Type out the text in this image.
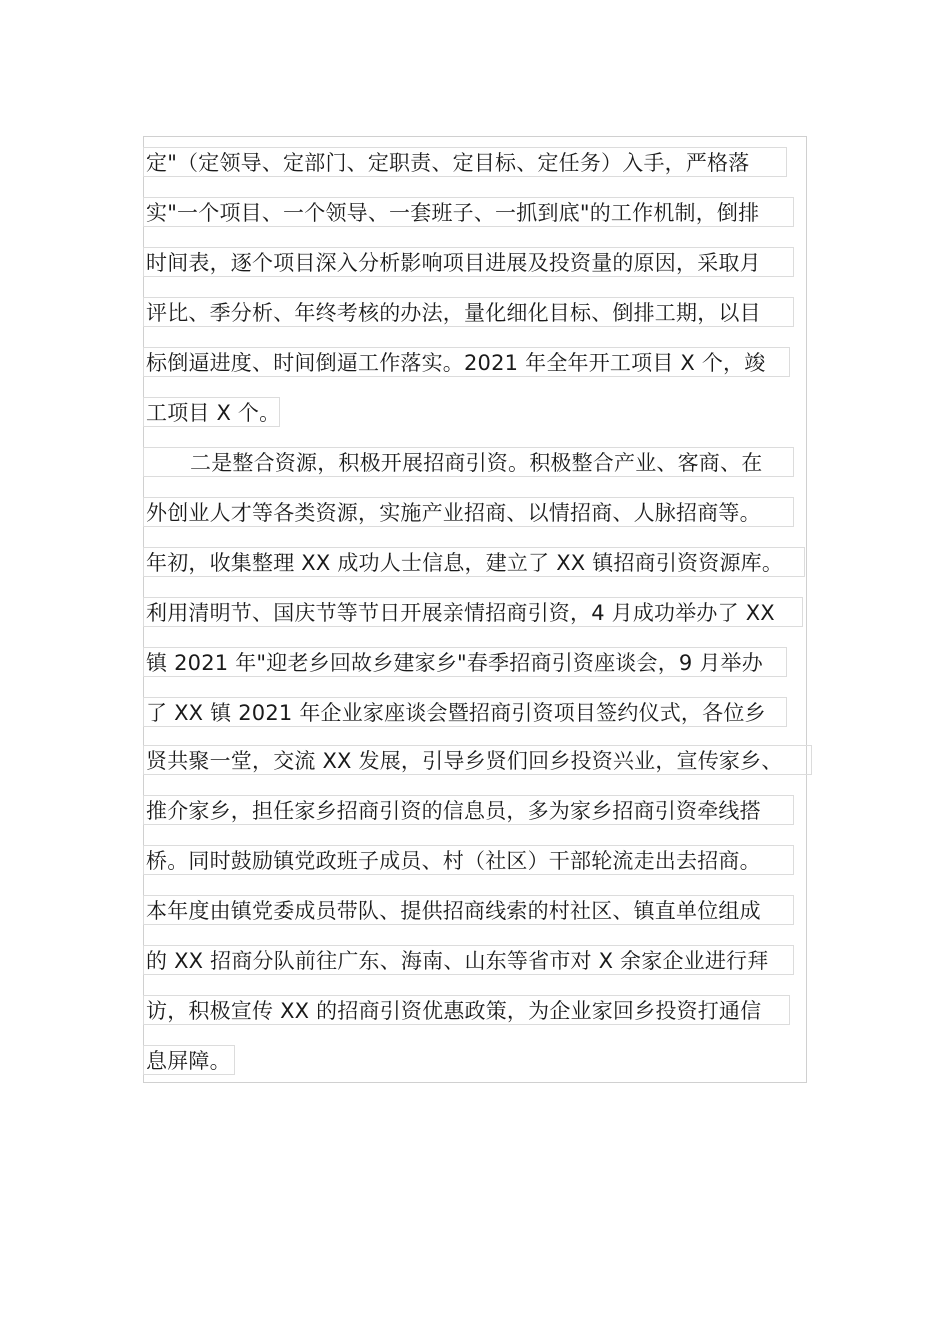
定"（定领导、定部门、定职责、定目标、定任务）入手，严格落
实"一个项目、一个领导、一套班子、一抓到底"的工作机制，倒排
时间表，逐个项目深入分析影响项目进展及投资量的原因，采取月
评比、季分析、年终考核的办法，量化细化目标、倒排工期，以目
标倒逼进度、时间倒逼工作落实。2021 年全年开工项目 X 个，竣
工项目 X 个。
二是整合资源，积极开展招商引资。积极整合产业、客商、在
外创业人才等各类资源，实施产业招商、以情招商、人脉招商等。
年初，收集整理 XX 成功人士信息，建立了 XX 镇招商引资资源库。
利用清明节、国庆节等节日开展亲情招商引资，4 月成功举办了 XX
镇 2021 年"迎老乡回故乡建家乡"春季招商引资座谈会，9 月举办
了 XX 镇 2021 年企业家座谈会暨招商引资项目签约仪式，各位乡
贤共聚一堂，交流 XX 发展，引导乡贤们回乡投资兴业，宣传家乡、
推介家乡，担任家乡招商引资的信息员，多为家乡招商引资牵线搭
桥。同时鼓励镇党政班子成员、村（社区）干部轮流走出去招商。
本年度由镇党委成员带队、提供招商线索的村社区、镇直单位组成
的 XX 招商分队前往广东、海南、山东等省市对 X 余家企业进行拜
访，积极宣传 XX 的招商引资优惠政策，为企业家回乡投资打通信
息屏障。
